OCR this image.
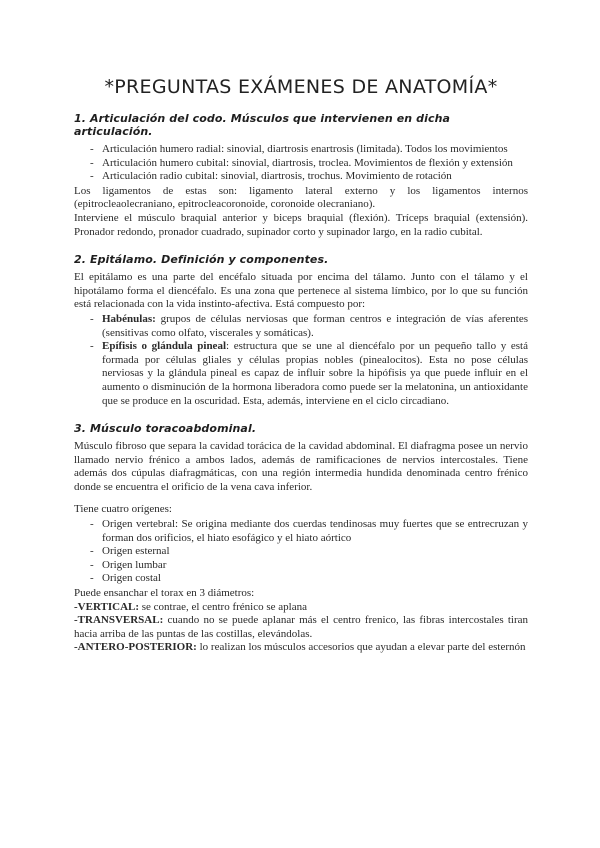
*PREGUNTAS EXÁMENES DE ANATOMÍA*
1. Articulación del codo. Músculos que intervienen en dicha articulación.
- Articulación humero radial: sinovial, diartrosis enartrosis (limitada). Todos los movimientos
- Articulación humero cubital: sinovial, diartrosis, troclea. Movimientos de flexión y extensión
- Articulación radio cubital: sinovial, diartrosis, trochus. Movimiento de rotación

Los ligamentos de estas son: ligamento lateral externo y los ligamentos internos (epitrocleaolecraniano, epitrocleacoronoide, coronoide olecraniano).

Interviene el músculo braquial anterior y biceps braquial (flexión). Tríceps braquial (extensión). Pronador redondo, pronador cuadrado, supinador corto y supinador largo, en la radio cubital.

2. Epitálamo. Definición y componentes.

El epitálamo es una parte del encéfalo situada por encima del tálamo. Junto con el tálamo y el hipotálamo forma el diencéfalo. Es una zona que pertenece al sistema límbico, por lo que su función está relacionada con la vida instinto-afectiva. Está compuesto por:

- Habénulas: grupos de células nerviosas que forman centros e integración de vías aferentes (sensitivas como olfato, viscerales y somáticas).
- Epífisis o glándula pineal: estructura que se une al diencéfalo por un pequeño tallo y está formada por células gliales y células propias nobles (pinealocitos). Esta no pose células nerviosas y la glándula pineal es capaz de influir sobre la hipófisis ya que puede influir en el aumento o disminución de la hormona liberadora como puede ser la melatonina, un antioxidante que se produce en la oscuridad. Esta, además, interviene en el ciclo circadiano.
3. Músculo toracoabdominal.

Músculo fibroso que separa la cavidad torácica de la cavidad abdominal. El diafragma posee un nervio llamado nervio frénico a ambos lados, además de ramificaciones de nervios intercostales. Tiene además dos cúpulas diafragmáticas, con una región intermedia hundida denominada centro frénico donde se encuentra el orificio de la vena cava inferior.

Tiene cuatro orígenes:

- Origen vertebral: Se origina mediante dos cuerdas tendinosas muy fuertes que se entrecruzan y forman dos orificios, el hiato esofágico y el hiato aórtico
- Origen esternal
- Origen lumbar
- Origen costal

Puede ensanchar el torax en 3 diámetros:

-VERTICAL: se contrae, el centro frénico se aplana

-TRANSVERSAL: cuando no se puede aplanar más el centro frenico, las fibras intercostales tiran hacia arriba de las puntas de las costillas, elevándolas.

-ANTERO-POSTERIOR: lo realizan los músculos accesorios que ayudan a elevar parte del esternón
